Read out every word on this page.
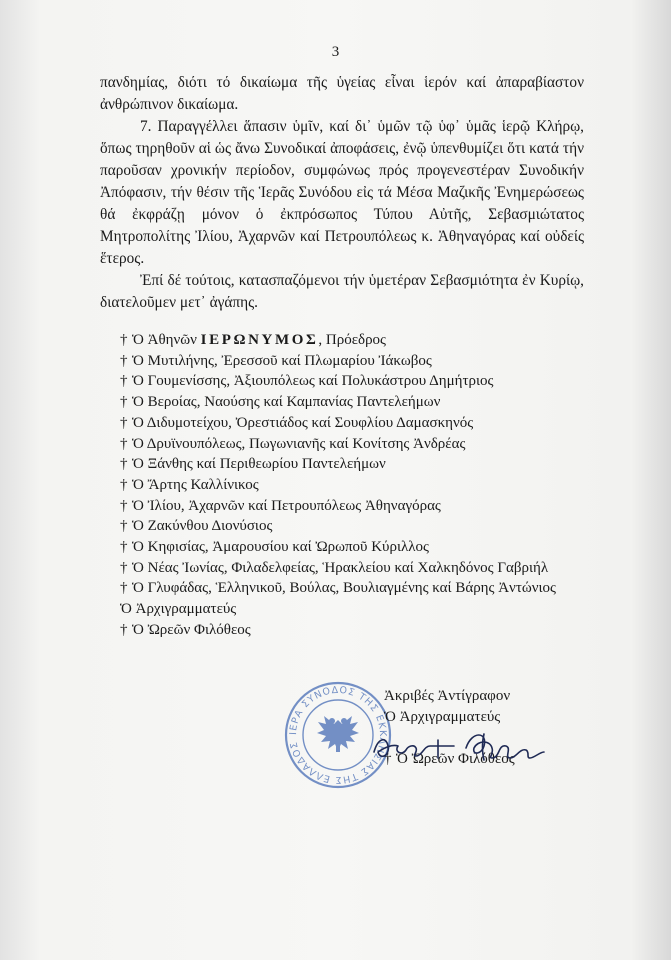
3

πανδημίας, διότι τό δικαίωμα τῆς ὑγείας εἶναι ἱερόν καί ἀπαραβίαστον ἀνθρώπινον δικαίωμα.

7. Παραγγέλλει ἅπασιν ὑμῖν, καί δι᾿ ὑμῶν τῷ ὑφ᾿ ὑμᾶς ἱερῷ Κλήρῳ, ὅπως τηρηθοῦν αἱ ὡς ἄνω Συνοδικαί ἀποφάσεις, ἐνῷ ὑπενθυμίζει ὅτι κατά τήν παροῦσαν χρονικήν περίοδον, συμφώνως πρός προγενεστέραν Συνοδικήν Ἀπόφασιν, τήν θέσιν τῆς Ἱερᾶς Συνόδου εἰς τά Μέσα Μαζικῆς Ἐνημερώσεως θά ἐκφράζῃ μόνον ὁ ἐκπρόσωπος Τύπου Αὐτῆς, Σεβασμιώτατος Μητροπολίτης Ἰλίου, Ἀχαρνῶν καί Πετρουπόλεως κ. Ἀθηναγόρας καί οὐδείς ἕτερος.

Ἐπί δέ τούτοις, κατασπαζόμενοι τήν ὑμετέραν Σεβασμιότητα ἐν Κυρίῳ, διατελοῦμεν μετ᾿ ἀγάπης.

† Ὁ Ἀθηνῶν ΙΕΡΩΝΥΜΟΣ, Πρόεδρος
† Ὁ Μυτιλήνης, Ἐρεσσοῦ καί Πλωμαρίου Ἰάκωβος
† Ὁ Γουμενίσσης, Ἀξιουπόλεως καί Πολυκάστρου Δημήτριος
† Ὁ Βεροίας, Ναούσης καί Καμπανίας Παντελεήμων
† Ὁ Διδυμοτείχου, Ὀρεστιάδος καί Σουφλίου Δαμασκηνός
† Ὁ Δρυϊνουπόλεως, Πωγωνιανῆς καί Κονίτσης Ἀνδρέας
† Ὁ Ξάνθης καί Περιθεωρίου Παντελεήμων
† Ὁ Ἄρτης Καλλίνικος
† Ὁ Ἰλίου, Ἀχαρνῶν καί Πετρουπόλεως Ἀθηναγόρας
† Ὁ Ζακύνθου Διονύσιος
† Ὁ Κηφισίας, Ἀμαρουσίου καί Ὠρωποῦ Κύριλλος
† Ὁ Νέας Ἰωνίας, Φιλαδελφείας, Ἡρακλείου καί Χαλκηδόνος Γαβριήλ
† Ὁ Γλυφάδας, Ἑλληνικοῦ, Βούλας, Βουλιαγμένης καί Βάρης Ἀντώνιος
Ὁ Ἀρχιγραμματεύς
† Ὁ Ὠρεῶν Φιλόθεος
ΙΕΡΑ ΣΥΝΟΔΟΣ ΤΗΣ ΕΚΚΛΗΣΙΑΣ ΤΗΣ ΕΛΛΑΔΟΣ
Ἀκριβές Ἀντίγραφον
Ὁ Ἀρχιγραμματεύς
† Ὁ Ὠρεῶν Φιλόθεος
